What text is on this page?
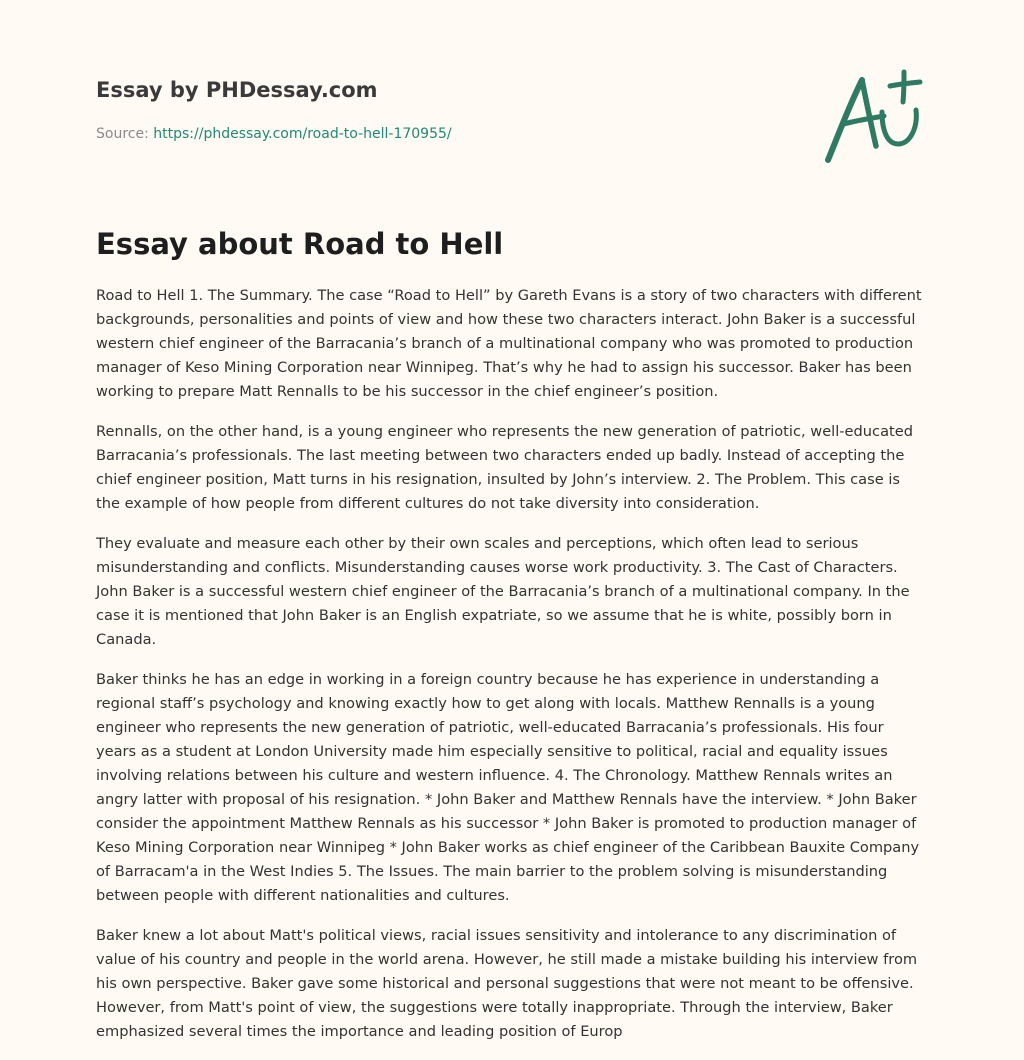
Essay by PHDessay.com
Source: https://phdessay.com/road-to-hell-170955/
Essay about Road to Hell

Road to Hell 1. The Summary. The case “Road to Hell” by Gareth Evans is a story of two characters with different backgrounds, personalities and points of view and how these two characters interact. John Baker is a successful western chief engineer of the Barracania’s branch of a multinational company who was promoted to production manager of Keso Mining Corporation near Winnipeg. That’s why he had to assign his successor. Baker has been working to prepare Matt Rennalls to be his successor in the chief engineer’s position.

Rennalls, on the other hand, is a young engineer who represents the new generation of patriotic, well-educated Barracania’s professionals. The last meeting between two characters ended up badly. Instead of accepting the chief engineer position, Matt turns in his resignation, insulted by John’s interview. 2. The Problem. This case is the example of how people from different cultures do not take diversity into consideration.

They evaluate and measure each other by their own scales and perceptions, which often lead to serious misunderstanding and conflicts. Misunderstanding causes worse work productivity. 3. The Cast of Characters. John Baker is a successful western chief engineer of the Barracania’s branch of a multinational company. In the case it is mentioned that John Baker is an English expatriate, so we assume that he is white, possibly born in Canada.

Baker thinks he has an edge in working in a foreign country because he has experience in understanding a regional staff’s psychology and knowing exactly how to get along with locals. Matthew Rennalls is a young engineer who represents the new generation of patriotic, well-educated Barracania’s professionals. His four years as a student at London University made him especially sensitive to political, racial and equality issues involving relations between his culture and western influence. 4. The Chronology. Matthew Rennals writes an angry latter with proposal of his resignation. * John Baker and Matthew Rennals have the interview. * John Baker consider the appointment Matthew Rennals as his successor * John Baker is promoted to production manager of Keso Mining Corporation near Winnipeg * John Baker works as chief engineer of the Caribbean Bauxite Company of Barracam'a in the West Indies 5. The Issues. The main barrier to the problem solving is misunderstanding between people with different nationalities and cultures.

Baker knew a lot about Matt's political views, racial issues sensitivity and intolerance to any discrimination of value of his country and people in the world arena. However, he still made a mistake building his interview from his own perspective. Baker gave some historical and personal suggestions that were not meant to be offensive. However, from Matt's point of view, the suggestions were totally inappropriate. Through the interview, Baker emphasized several times the importance and leading position of Europ
